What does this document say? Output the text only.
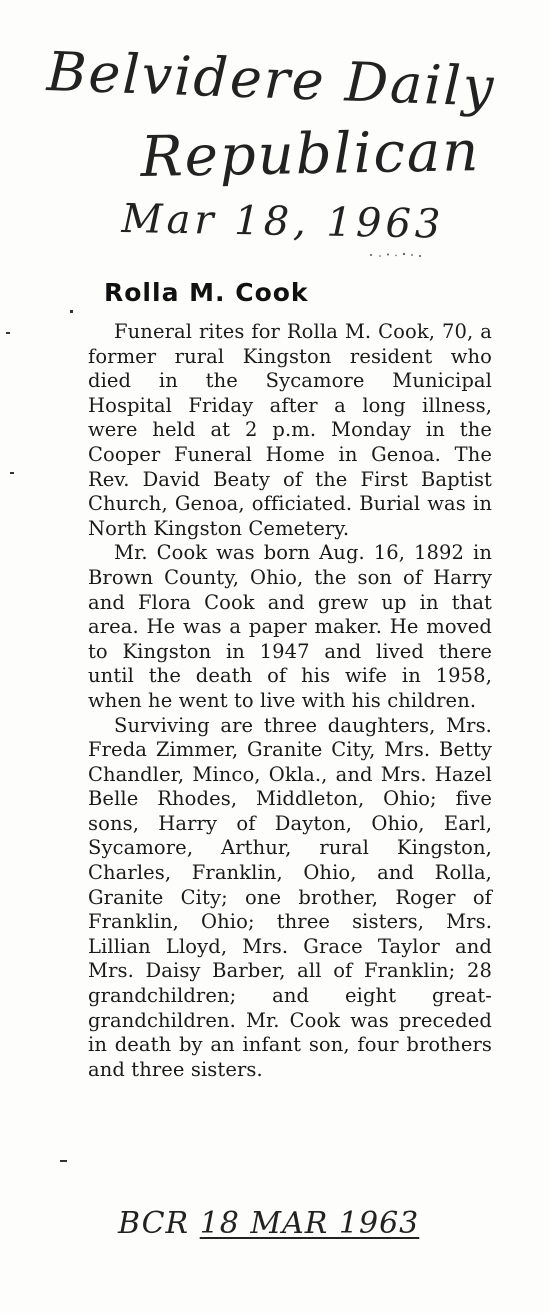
Belvidere Daily
Republican
Mar 18, 1963
Rolla M. Cook

Funeral rites for Rolla M. Cook, 70, a former rural Kingston resident who died in the Sycamore Municipal Hospital Friday after a long illness, were held at 2 p.m. Monday in the Cooper Funeral Home in Genoa. The Rev. David Beaty of the First Baptist Church, Genoa, officiated. Burial was in North Kingston Cemetery.

Mr. Cook was born Aug. 16, 1892 in Brown County, Ohio, the son of Harry and Flora Cook and grew up in that area. He was a paper maker. He moved to Kingston in 1947 and lived there until the death of his wife in 1958, when he went to live with his children.

Surviving are three daughters, Mrs. Freda Zimmer, Granite City, Mrs. Betty Chandler, Minco, Okla., and Mrs. Hazel Belle Rhodes, Middleton, Ohio; five sons, Harry of Dayton, Ohio, Earl, Sycamore, Arthur, rural Kingston, Charles, Franklin, Ohio, and Rolla, Granite City; one brother, Roger of Franklin, Ohio; three sisters, Mrs. Lillian Lloyd, Mrs. Grace Taylor and Mrs. Daisy Barber, all of Franklin; 28 grandchildren; and eight great-grandchildren. Mr. Cook was preceded in death by an infant son, four brothers and three sisters.

BCR 18 MAR 1963
